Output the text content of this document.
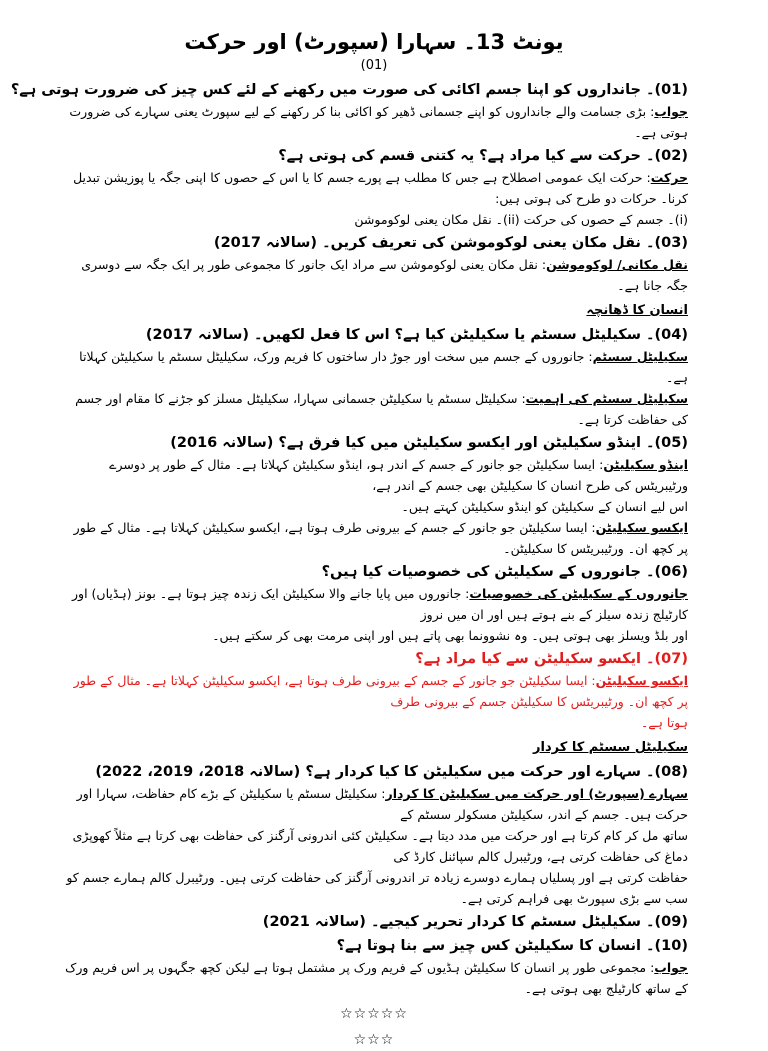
یونٹ 13۔ سہارا (سپورٹ) اور حرکت
(01)
(01)۔ جانداروں کو اپنا جسم اکائی کی صورت میں رکھنے کے لئے کس چیز کی ضرورت ہوتی ہے؟
جواب: بڑی جسامت والے جانداروں کو اپنے جسمانی ڈھیر کو اکائی بنا کر رکھنے کے لیے سپورٹ یعنی سہارے کی ضرورت ہوتی ہے۔
(02)۔ حرکت سے کیا مراد ہے؟ یہ کتنی قسم کی ہوتی ہے؟
حرکت: حرکت ایک عمومی اصطلاح ہے جس کا مطلب ہے پورے جسم کا یا اس کے حصوں کا اپنی جگہ یا پوزیشن تبدیل کرنا۔ حرکات دو طرح کی ہوتی ہیں:
(i)۔ جسم کے حصوں کی حرکت (ii)۔ نقل مکان یعنی لوکوموشن
(03)۔ نقل مکان یعنی لوکوموشن کی تعریف کریں۔ (سالانہ 2017)
نقل مکانی/ لوکوموشن: نقل مکان یعنی لوکوموشن سے مراد ایک جانور کا مجموعی طور پر ایک جگہ سے دوسری جگہ جانا ہے۔
انسان کا ڈھانچہ
(04)۔ سکیلیٹل سسٹم یا سکیلیٹن کیا ہے؟ اس کا فعل لکھیں۔ (سالانہ 2017)
سکیلیٹل سسٹم: جانوروں کے جسم میں سخت اور جوڑ دار ساختوں کا فریم ورک، سکیلیٹل سسٹم یا سکیلیٹن کہلاتا ہے۔
سکیلیٹل سسٹم کی اہمیت: سکیلیٹل سسٹم یا سکیلیٹن جسمانی سہارا، سکیلیٹل مسلز کو جڑنے کا مقام اور جسم کی حفاظت کرتا ہے۔
(05)۔ اینڈو سکیلیٹن اور ایکسو سکیلیٹن میں کیا فرق ہے؟ (سالانہ 2016)
اینڈو سکیلیٹن: ایسا سکیلیٹن جو جانور کے جسم کے اندر ہو، اینڈو سکیلیٹن کہلاتا ہے۔ مثال کے طور پر دوسرے ورٹیبریٹس کی طرح انسان کا سکیلیٹن بھی جسم کے اندر ہے،
اس لیے انسان کے سکیلیٹن کو اینڈو سکیلیٹن کہتے ہیں۔
ایکسو سکیلیٹن: ایسا سکیلیٹن جو جانور کے جسم کے بیرونی طرف ہوتا ہے، ایکسو سکیلیٹن کہلاتا ہے۔ مثال کے طور پر کچھ ان۔ ورٹیبریٹس کا سکیلیٹن۔
(06)۔ جانوروں کے سکیلیٹن کی خصوصیات کیا ہیں؟
جانوروں کے سکیلیٹن کی خصوصیات: جانوروں میں پایا جانے والا سکیلیٹن ایک زندہ چیز ہوتا ہے۔ بونز (ہڈیاں) اور کارٹیلج زندہ سیلز کے بنے ہوتے ہیں اور ان میں نروز
اور بلڈ ویسلز بھی ہوتی ہیں۔ وہ نشوونما بھی پاتے ہیں اور اپنی مرمت بھی کر سکتے ہیں۔
(07)۔ ایکسو سکیلیٹن سے کیا مراد ہے؟
ایکسو سکیلیٹن: ایسا سکیلیٹن جو جانور کے جسم کے بیرونی طرف ہوتا ہے، ایکسو سکیلیٹن کہلاتا ہے۔ مثال کے طور پر کچھ ان۔ ورٹیبریٹس کا سکیلیٹن جسم کے بیرونی طرف
ہوتا ہے۔
سکیلیٹل سسٹم کا کردار
(08)۔ سہارے اور حرکت میں سکیلیٹن کا کیا کردار ہے؟ (سالانہ 2018، 2019، 2022)
سہارے (سپورٹ) اور حرکت میں سکیلیٹن کا کردار: سکیلیٹل سسٹم یا سکیلیٹن کے بڑے کام حفاظت، سہارا اور حرکت ہیں۔ جسم کے اندر، سکیلیٹن مسکولر سسٹم کے
ساتھ مل کر کام کرتا ہے اور حرکت میں مدد دیتا ہے۔ سکیلیٹن کئی اندرونی آرگنز کی حفاظت بھی کرتا ہے مثلاً کھوپڑی دماغ کی حفاظت کرتی ہے، ورٹیبرل کالم سپائنل کارڈ کی
حفاظت کرتی ہے اور پسلیاں ہمارے دوسرے زیادہ تر اندرونی آرگنز کی حفاظت کرتی ہیں۔ ورٹیبرل کالم ہمارے جسم کو سب سے بڑی سپورٹ بھی فراہم کرتی ہے۔
(09)۔ سکیلیٹل سسٹم کا کردار تحریر کیجیے۔ (سالانہ 2021)
(10)۔ انسان کا سکیلیٹن کس چیز سے بنا ہوتا ہے؟
جواب: مجموعی طور پر انسان کا سکیلیٹن ہڈیوں کے فریم ورک پر مشتمل ہوتا ہے لیکن کچھ جگہوں پر اس فریم ورک کے ساتھ کارٹیلج بھی ہوتی ہے۔
☆☆☆☆☆
☆☆☆
